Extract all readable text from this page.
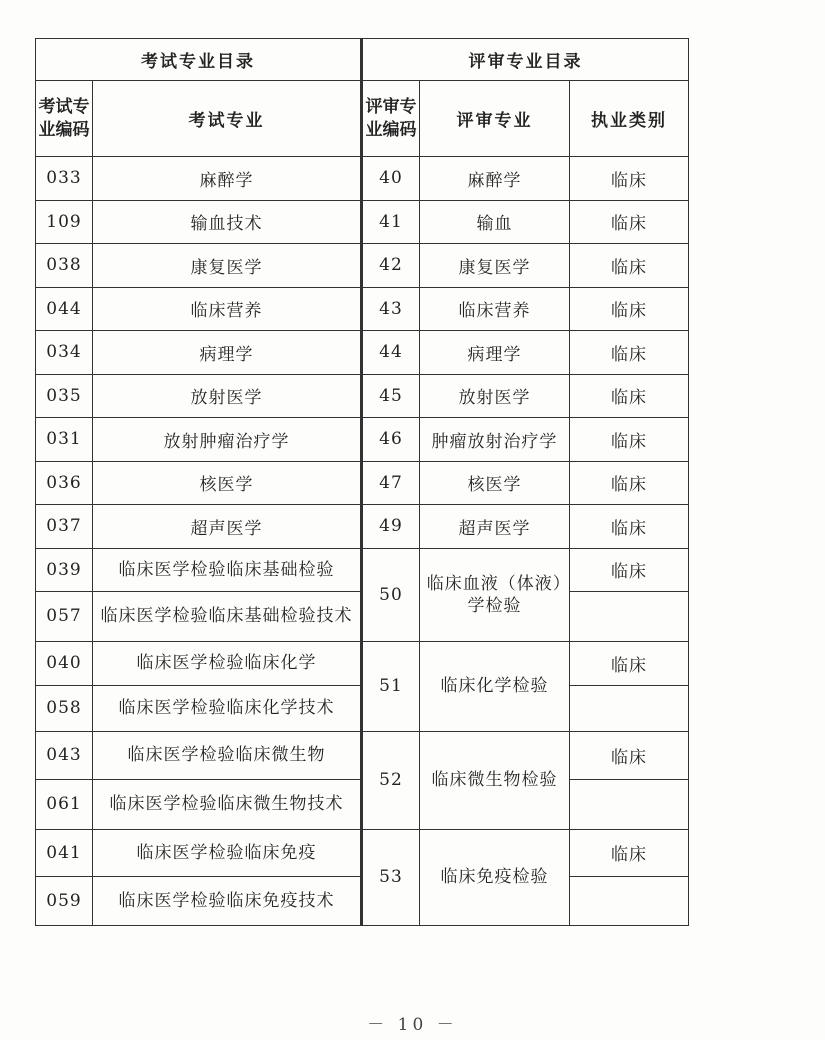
考试专业目录		评审专业目录		
考试专业编码	考试专业	评审专业编码	评审专业	执业类别
033	麻醉学	40	麻醉学	临床
109	输血技术	41	输血	临床
038	康复医学	42	康复医学	临床
044	临床营养	43	临床营养	临床
034	病理学	44	病理学	临床
035	放射医学	45	放射医学	临床
031	放射肿瘤治疗学	46	肿瘤放射治疗学	临床
036	核医学	47	核医学	临床
037	超声医学	49	超声医学	临床
039	临床医学检验临床基础检验	50	临床血液（体液）学检验	临床
057	临床医学检验临床基础检验技术			
040	临床医学检验临床化学	51	临床化学检验	临床
058	临床医学检验临床化学技术			
043	临床医学检验临床微生物	52	临床微生物检验	临床
061	临床医学检验临床微生物技术			
041	临床医学检验临床免疫	53	临床免疫检验	临床
059	临床医学检验临床免疫技术			
－ 10 －
